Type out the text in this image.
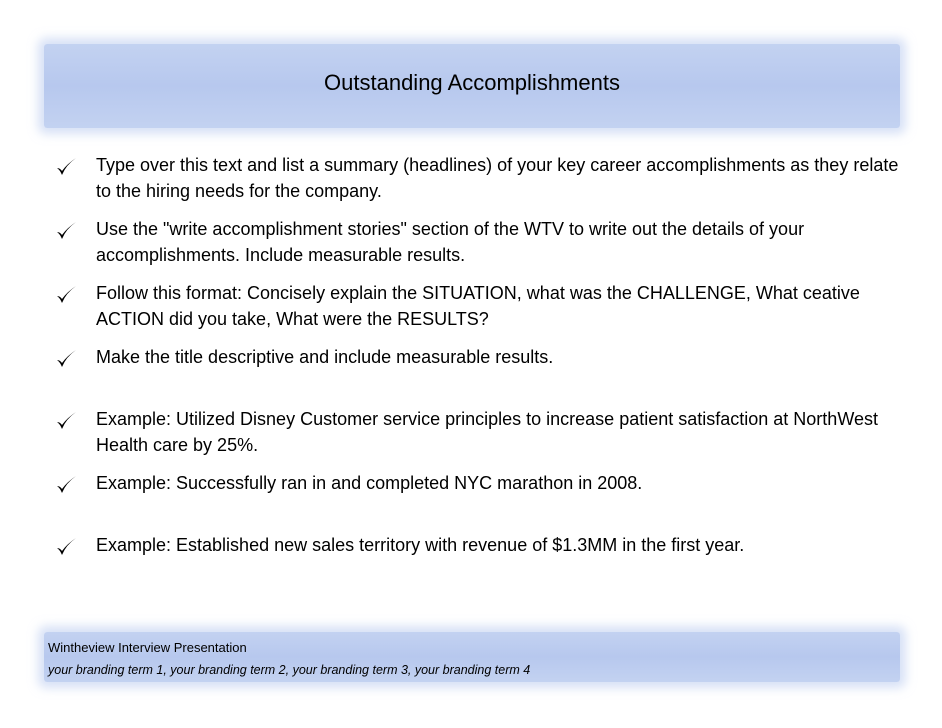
Outstanding Accomplishments
Type over this text and list a summary (headlines) of your key career accomplishments as they relate to the hiring needs for the company.
Use the "write accomplishment stories" section of the WTV to write out the details of your accomplishments. Include measurable results.
Follow this format: Concisely explain the SITUATION, what was the CHALLENGE, What ceative ACTION did you take, What were the RESULTS?
Make the title descriptive and include measurable results.
Example: Utilized Disney Customer service principles to increase patient satisfaction at NorthWest Health care by 25%.
Example: Successfully ran in and completed NYC marathon in 2008.
Example: Established new sales territory with revenue of $1.3MM in the first year.
Wintheview Interview Presentation
your branding term 1, your branding term 2, your branding term 3, your branding term 4
